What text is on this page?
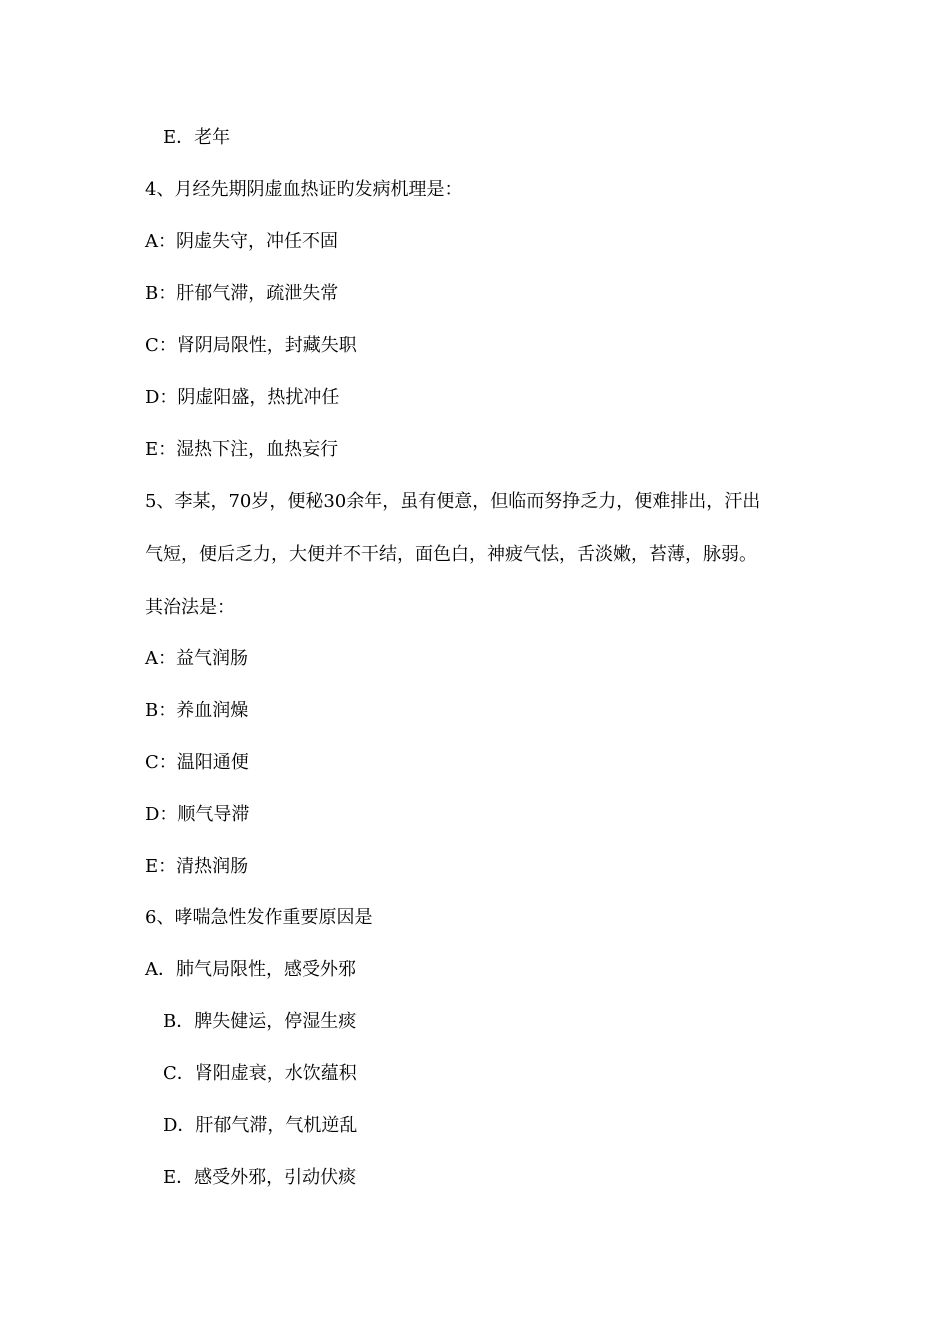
E．老年
4、月经先期阴虚血热证旳发病机理是：
A：阴虚失守，冲任不固
B：肝郁气滞，疏泄失常
C：肾阴局限性，封藏失职
D：阴虚阳盛，热扰冲任
E：湿热下注，血热妄行
5、李某，70岁，便秘30余年，虽有便意，但临而努挣乏力，便难排出，汗出
气短，便后乏力，大便并不干结，面色白，神疲气怯，舌淡嫩，苔薄，脉弱。
其治法是：
A：益气润肠
B：养血润燥
C：温阳通便
D：顺气导滞
E：清热润肠
6、哮喘急性发作重要原因是
A．肺气局限性，感受外邪
B．脾失健运，停湿生痰
C．肾阳虚衰，水饮蕴积
D．肝郁气滞，气机逆乱
E．感受外邪，引动伏痰
